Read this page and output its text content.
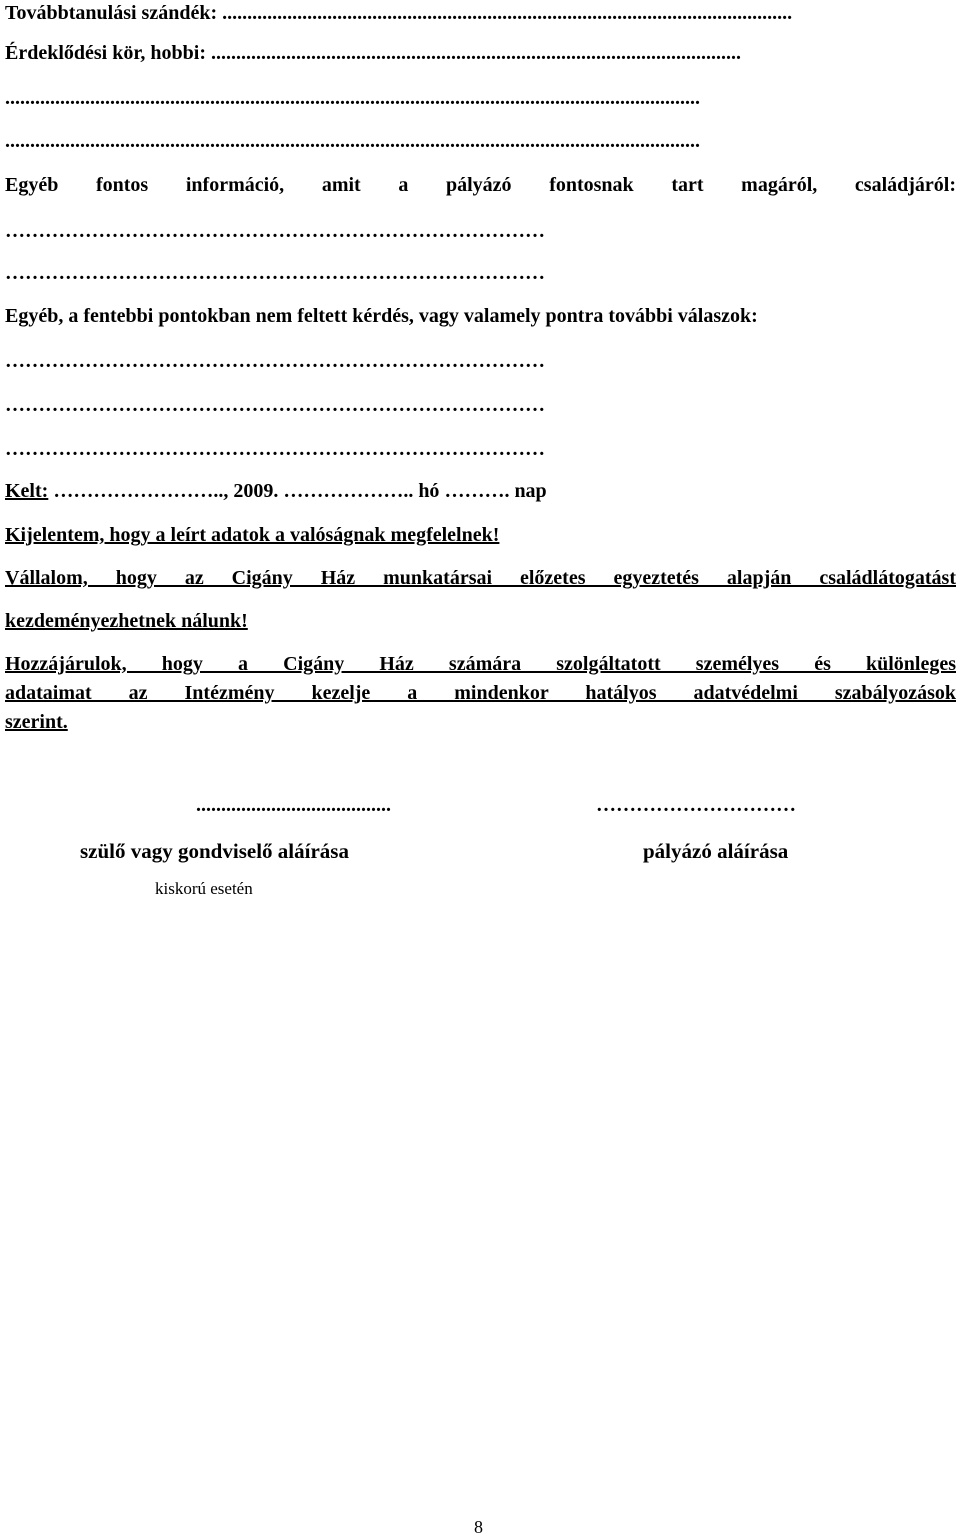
Továbbtanulási szándék: ..................................................................................................................
Érdeklődési kör, hobbi: ..........................................................................................................
...........................................................................................................................................
...........................................................................................................................................
Egyéb fontos információ, amit a pályázó fontosnak tart magáról, családjáról:
………………………………………………………………………
………………………………………………………………………
Egyéb, a fentebbi pontokban nem feltett kérdés, vagy valamely pontra további válaszok:
………………………………………………………………………
………………………………………………………………………
………………………………………………………………………
Kelt: …………………….., 2009. ……………….. hó ………. nap
Kijelentem, hogy a leírt adatok a valóságnak megfelelnek!
Vállalom, hogy az Cigány Ház munkatársai előzetes egyeztetés alapján családlátogatást
kezdeményezhetnek nálunk!
Hozzájárulok, hogy a Cigány Ház számára szolgáltatott személyes és különleges
adataimat az Intézmény kezelje a mindenkor hatályos adatvédelmi szabályozások
szerint.
.......................................
szülő vagy gondviselő aláírása
kiskorú esetén
…………………………
pályázó aláírása
8
